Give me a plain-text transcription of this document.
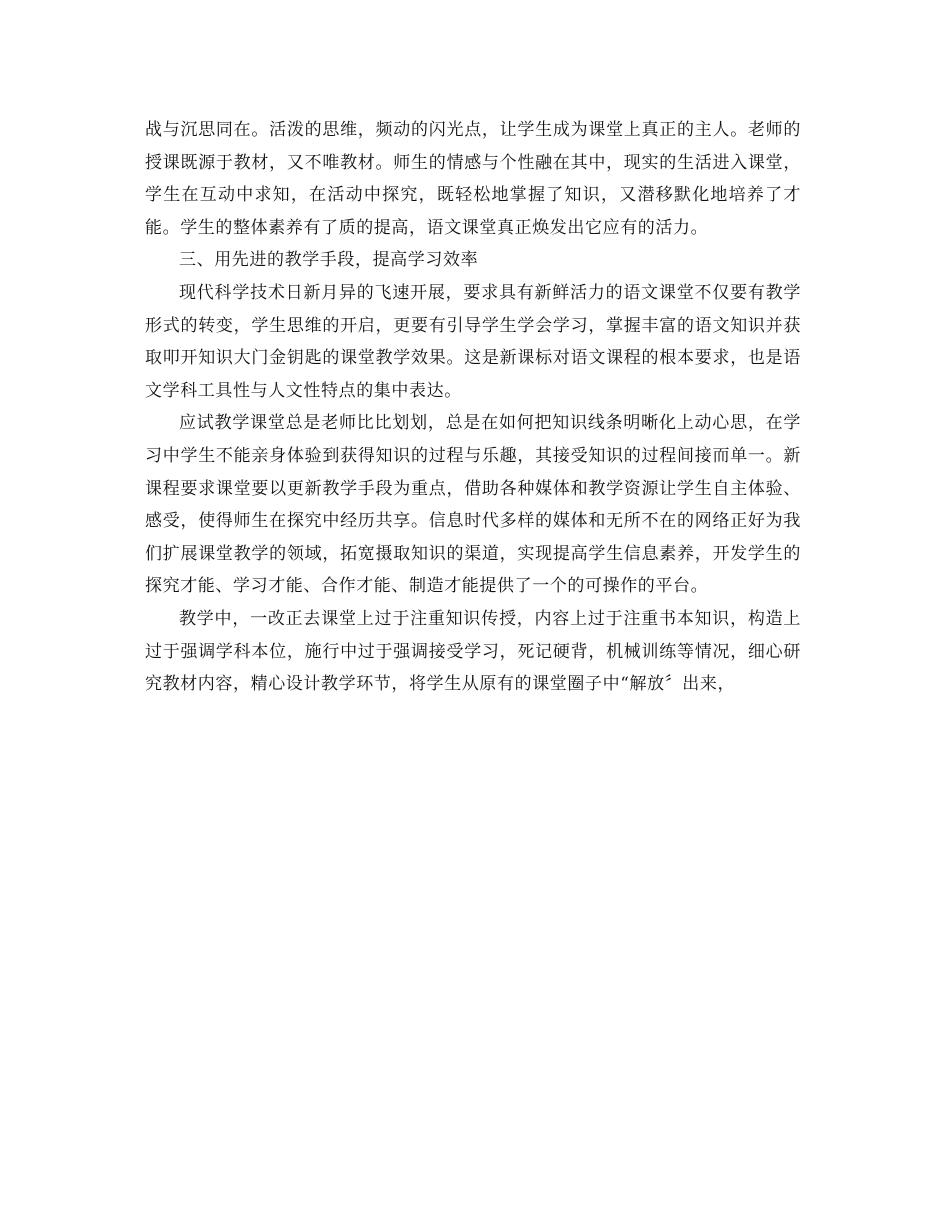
战与沉思同在。活泼的思维，频动的闪光点，让学生成为课堂上真正的主人。老师的授课既源于教材，又不唯教材。师生的情感与个性融在其中，现实的生活进入课堂，学生在互动中求知，在活动中探究，既轻松地掌握了知识，又潜移默化地培养了才能。学生的整体素养有了质的提高，语文课堂真正焕发出它应有的活力。

三、用先进的教学手段，提高学习效率

现代科学技术日新月异的飞速开展，要求具有新鲜活力的语文课堂不仅要有教学形式的转变，学生思维的开启，更要有引导学生学会学习，掌握丰富的语文知识并获取叩开知识大门金钥匙的课堂教学效果。这是新课标对语文课程的根本要求，也是语文学科工具性与人文性特点的集中表达。

应试教学课堂总是老师比比划划，总是在如何把知识线条明晰化上动心思，在学习中学生不能亲身体验到获得知识的过程与乐趣，其接受知识的过程间接而单一。新课程要求课堂要以更新教学手段为重点，借助各种媒体和教学资源让学生自主体验、感受，使得师生在探究中经历共享。信息时代多样的媒体和无所不在的网络正好为我们扩展课堂教学的领域，拓宽摄取知识的渠道，实现提高学生信息素养，开发学生的探究才能、学习才能、合作才能、制造才能提供了一个的可操作的平台。

教学中，一改正去课堂上过于注重知识传授，内容上过于注重书本知识，构造上过于强调学科本位，施行中过于强调接受学习，死记硬背，机械训练等情况，细心研究教材内容，精心设计教学环节，将学生从原有的课堂圈子中“解放〞出来，
